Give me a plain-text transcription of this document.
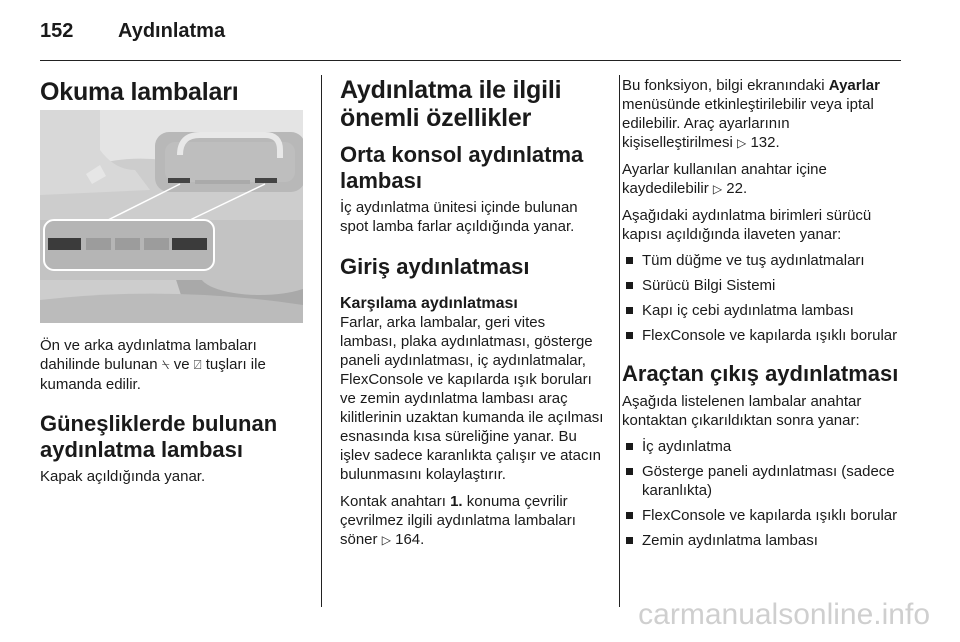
152 Aydınlatma
Okuma lambaları

Ön ve arka aydınlatma lambaları dahilinde bulunan ⍀ ve ⍁ tuşları ile kumanda edilir.

Güneşliklerde bulunan aydınlatma lambası

Kapak açıldığında yanar.

Aydınlatma ile ilgili önemli özellikler
Orta konsol aydınlatma lambası

İç aydınlatma ünitesi içinde bulunan spot lamba farlar açıldığında yanar.

Giriş aydınlatması
Karşılama aydınlatması

Farlar, arka lambalar, geri vites lambası, plaka aydınlatması, gösterge paneli aydınlatması, iç aydınlatmalar, FlexConsole ve kapılarda ışık boruları ve zemin aydınlatma lambası araç kilitlerinin uzaktan kumanda ile açılması esnasında kısa süreliğine yanar. Bu işlev sadece karanlıkta çalışır ve atacın bulunmasını kolaylaştırır.

Kontak anahtarı 1. konuma çevrilir çevrilmez ilgili aydınlatma lambaları söner ▷ 164.

Bu fonksiyon, bilgi ekranındaki Ayarlar menüsünde etkinleştirilebilir veya iptal edilebilir. Araç ayarlarının kişiselleştirilmesi ▷ 132.

Ayarlar kullanılan anahtar içine kaydedilebilir ▷ 22.

Aşağıdaki aydınlatma birimleri sürücü kapısı açıldığında ilaveten yanar:

Tüm düğme ve tuş aydınlatmaları
Sürücü Bilgi Sistemi
Kapı iç cebi aydınlatma lambası
FlexConsole ve kapılarda ışıklı borular
Araçtan çıkış aydınlatması

Aşağıda listelenen lambalar anahtar kontaktan çıkarıldıktan sonra yanar:

İç aydınlatma
Gösterge paneli aydınlatması (sadece karanlıkta)
FlexConsole ve kapılarda ışıklı borular
Zemin aydınlatma lambası
carmanualsonline.info
